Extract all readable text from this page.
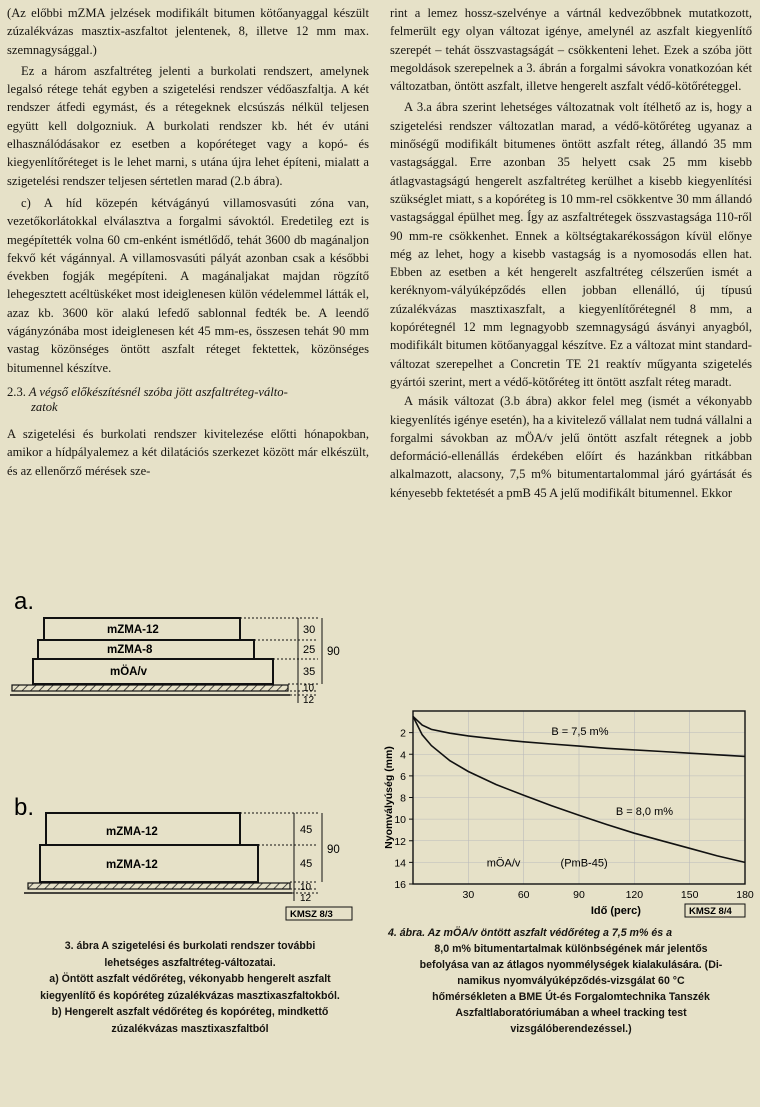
(Az előbbi mZMA jelzések modifikált bitumen kötőanyaggal készült zúzalékvázas masztix-aszfaltot jelentenek, 8, illetve 12 mm max. szemnagysággal.)

Ez a három aszfaltréteg jelenti a burkolati rendszert, amelynek legalsó rétege tehát egyben a szigetelési rendszer védőaszfaltja. A két rendszer átfedi egymást, és a rétegeknek elcsúszás nélkül teljesen együtt kell dolgozniuk. A burkolati rendszer kb. hét év utáni elhasználódásakor ez esetben a kopóréteget vagy a kopó- és kiegyenlítőréteget is le lehet marni, s utána újra lehet építeni, mialatt a szigetelési rendszer teljesen sértetlen marad (2.b ábra).

c) A híd közepén kétvágányú villamosvasúti zóna van, vezetőkorlátokkal elválasztva a forgalmi sávoktól. Eredetileg ezt is megépítették volna 60 cm-enként ismétlődő, tehát 3600 db magánaljon fekvő két vágánnyal. A villamosvasúti pályát azonban csak a későbbi években fogják megépíteni. A magánaljakat majdan rögzítő lehegesztett acéltüskéket most ideiglenesen külön védelemmel látták el, azaz kb. 3600 kör alakú lefedő sablonnal fedték be. A leendő vágányzónába most ideiglenesen két 45 mm-es, összesen tehát 90 mm vastag közönséges öntött aszfalt réteget fektettek, közönséges bitumennel készítve.

2.3. A végső előkészítésnél szóba jött aszfaltréteg-válto-
zatok

A szigetelési és burkolati rendszer kivitelezése előtti hónapokban, amikor a hídpályalemez a két dilatációs szerkezet között már elkészült, és az ellenőrző mérések sze-

a.
mZMA-12
mZMA-8
mÖA/v
30
25
35
10
12
90
b.
mZMA-12
mZMA-12
45
45
10
12
90
KMSZ 8/3

3. ábra A szigetelési és burkolati rendszer további

lehetséges aszfaltréteg-változatai.

a) Öntött aszfalt védőréteg, vékonyabb hengerelt aszfalt

kiegyenlítő és kopóréteg zúzalékvázas masztixaszfaltokból.

b) Hengerelt aszfalt védőréteg és kopóréteg, mindkettő

zúzalékvázas masztixaszfaltból

rint a lemez hossz-szelvénye a vártnál kedvezőbbnek mutatkozott, felmerült egy olyan változat igénye, amelynél az aszfalt kiegyenlítő szerepét – tehát összvastagságát – csökkenteni lehet. Ezek a szóba jött megoldások szerepelnek a 3. ábrán a forgalmi sávokra vonatkozóan két változatban, öntött aszfalt, illetve hengerelt aszfalt védő-kötőréteggel.

A 3.a ábra szerint lehetséges változatnak volt ítélhető az is, hogy a szigetelési rendszer változatlan marad, a védő-kötőréteg ugyanaz a minőségű modifikált bitumenes öntött aszfalt réteg, állandó 35 mm vastagsággal. Erre azonban 35 helyett csak 25 mm kisebb átlagvastagságú hengerelt aszfaltréteg kerülhet a kisebb kiegyenlítési szükséglet miatt, s a kopóréteg is 10 mm-rel csökkentve 30 mm állandó vastagsággal épülhet meg. Így az aszfaltrétegek összvastagsága 110-ről 90 mm-re csökkenhet. Ennek a költségtakarékosságon kívül előnye még az lehet, hogy a kisebb vastagság is a nyomosodás ellen hat. Ebben az esetben a két hengerelt aszfaltréteg célszerűen ismét a keréknyom-vályúképződés ellen jobban ellenálló, új típusú zúzalékvázas masztixaszfalt, a kiegyenlítőrétegnél 8 mm, a kopórétegnél 12 mm legnagyobb szemnagyságú ásványi anyagból, modifikált bitumen kötőanyaggal készítve. Ez a változat mint standard-változat szerepelhet a Concretin TE 21 reaktív műgyanta szigetelés gyártói szerint, mert a védő-kötőréteg itt öntött aszfalt réteg maradt.

A másik változat (3.b ábra) akkor felel meg (ismét a vékonyabb kiegyenlítés igénye esetén), ha a kivitelező vállalat nem tudná vállalni a forgalmi sávokban az mÖA/v jelű öntött aszfalt rétegnek a jobb deformáció-ellenállás érdekében előírt és hazánkban ritkábban alkalmazott, alacsony, 7,5 m% bitumentartalommal járó gyártását és kényesebb fektetését a pmB 45 A jelű modifikált bitumennel. Ekkor

2
4
6
8
10
12
14
16
30	60	90	120	150	180
B = 7,5 m%
B = 8,0 m%
mÖA/v	(PmB-45)
Nyomvályúség (mm)
Idő (perc)	KMSZ 8/4

4. ábra. Az mÖA/v öntött aszfalt védőréteg a 7,5 m% és a

8,0 m% bitumentartalmak különbségének már jelentős

befolyása van az átlagos nyommélységek kialakulására. (Di-

namikus nyomvályúképződés-vizsgálat 60 °C

hőmérsékleten a BME Út-és Forgalomtechnika Tanszék

Aszfaltlaboratóriumában a wheel tracking test

vizsgálóberendezéssel.)
